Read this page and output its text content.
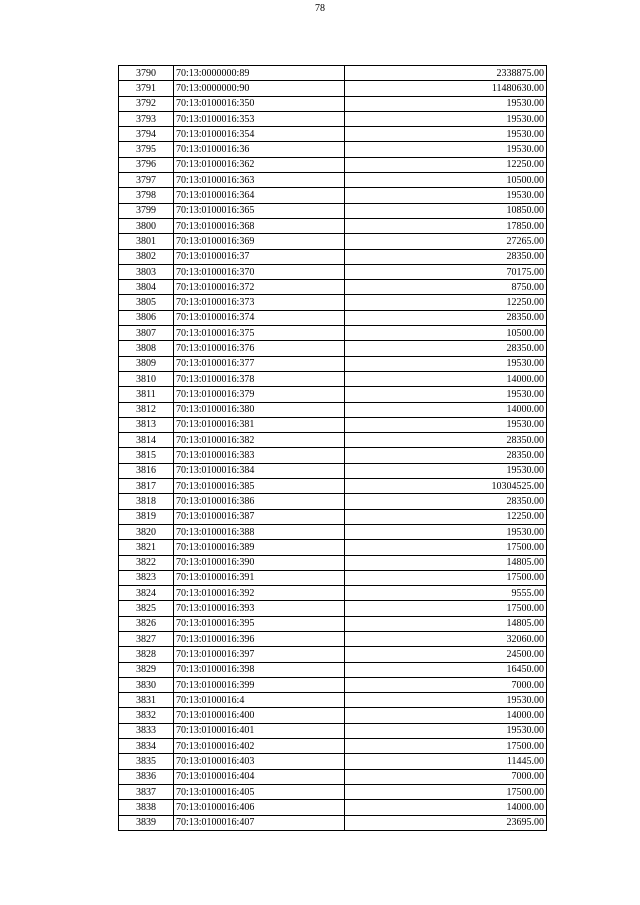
78
3790	70:13:0000000:89	2338875.00
3791	70:13:0000000:90	11480630.00
3792	70:13:0100016:350	19530.00
3793	70:13:0100016:353	19530.00
3794	70:13:0100016:354	19530.00
3795	70:13:0100016:36	19530.00
3796	70:13:0100016:362	12250.00
3797	70:13:0100016:363	10500.00
3798	70:13:0100016:364	19530.00
3799	70:13:0100016:365	10850.00
3800	70:13:0100016:368	17850.00
3801	70:13:0100016:369	27265.00
3802	70:13:0100016:37	28350.00
3803	70:13:0100016:370	70175.00
3804	70:13:0100016:372	8750.00
3805	70:13:0100016:373	12250.00
3806	70:13:0100016:374	28350.00
3807	70:13:0100016:375	10500.00
3808	70:13:0100016:376	28350.00
3809	70:13:0100016:377	19530.00
3810	70:13:0100016:378	14000.00
3811	70:13:0100016:379	19530.00
3812	70:13:0100016:380	14000.00
3813	70:13:0100016:381	19530.00
3814	70:13:0100016:382	28350.00
3815	70:13:0100016:383	28350.00
3816	70:13:0100016:384	19530.00
3817	70:13:0100016:385	10304525.00
3818	70:13:0100016:386	28350.00
3819	70:13:0100016:387	12250.00
3820	70:13:0100016:388	19530.00
3821	70:13:0100016:389	17500.00
3822	70:13:0100016:390	14805.00
3823	70:13:0100016:391	17500.00
3824	70:13:0100016:392	9555.00
3825	70:13:0100016:393	17500.00
3826	70:13:0100016:395	14805.00
3827	70:13:0100016:396	32060.00
3828	70:13:0100016:397	24500.00
3829	70:13:0100016:398	16450.00
3830	70:13:0100016:399	7000.00
3831	70:13:0100016:4	19530.00
3832	70:13:0100016:400	14000.00
3833	70:13:0100016:401	19530.00
3834	70:13:0100016:402	17500.00
3835	70:13:0100016:403	11445.00
3836	70:13:0100016:404	7000.00
3837	70:13:0100016:405	17500.00
3838	70:13:0100016:406	14000.00
3839	70:13:0100016:407	23695.00
